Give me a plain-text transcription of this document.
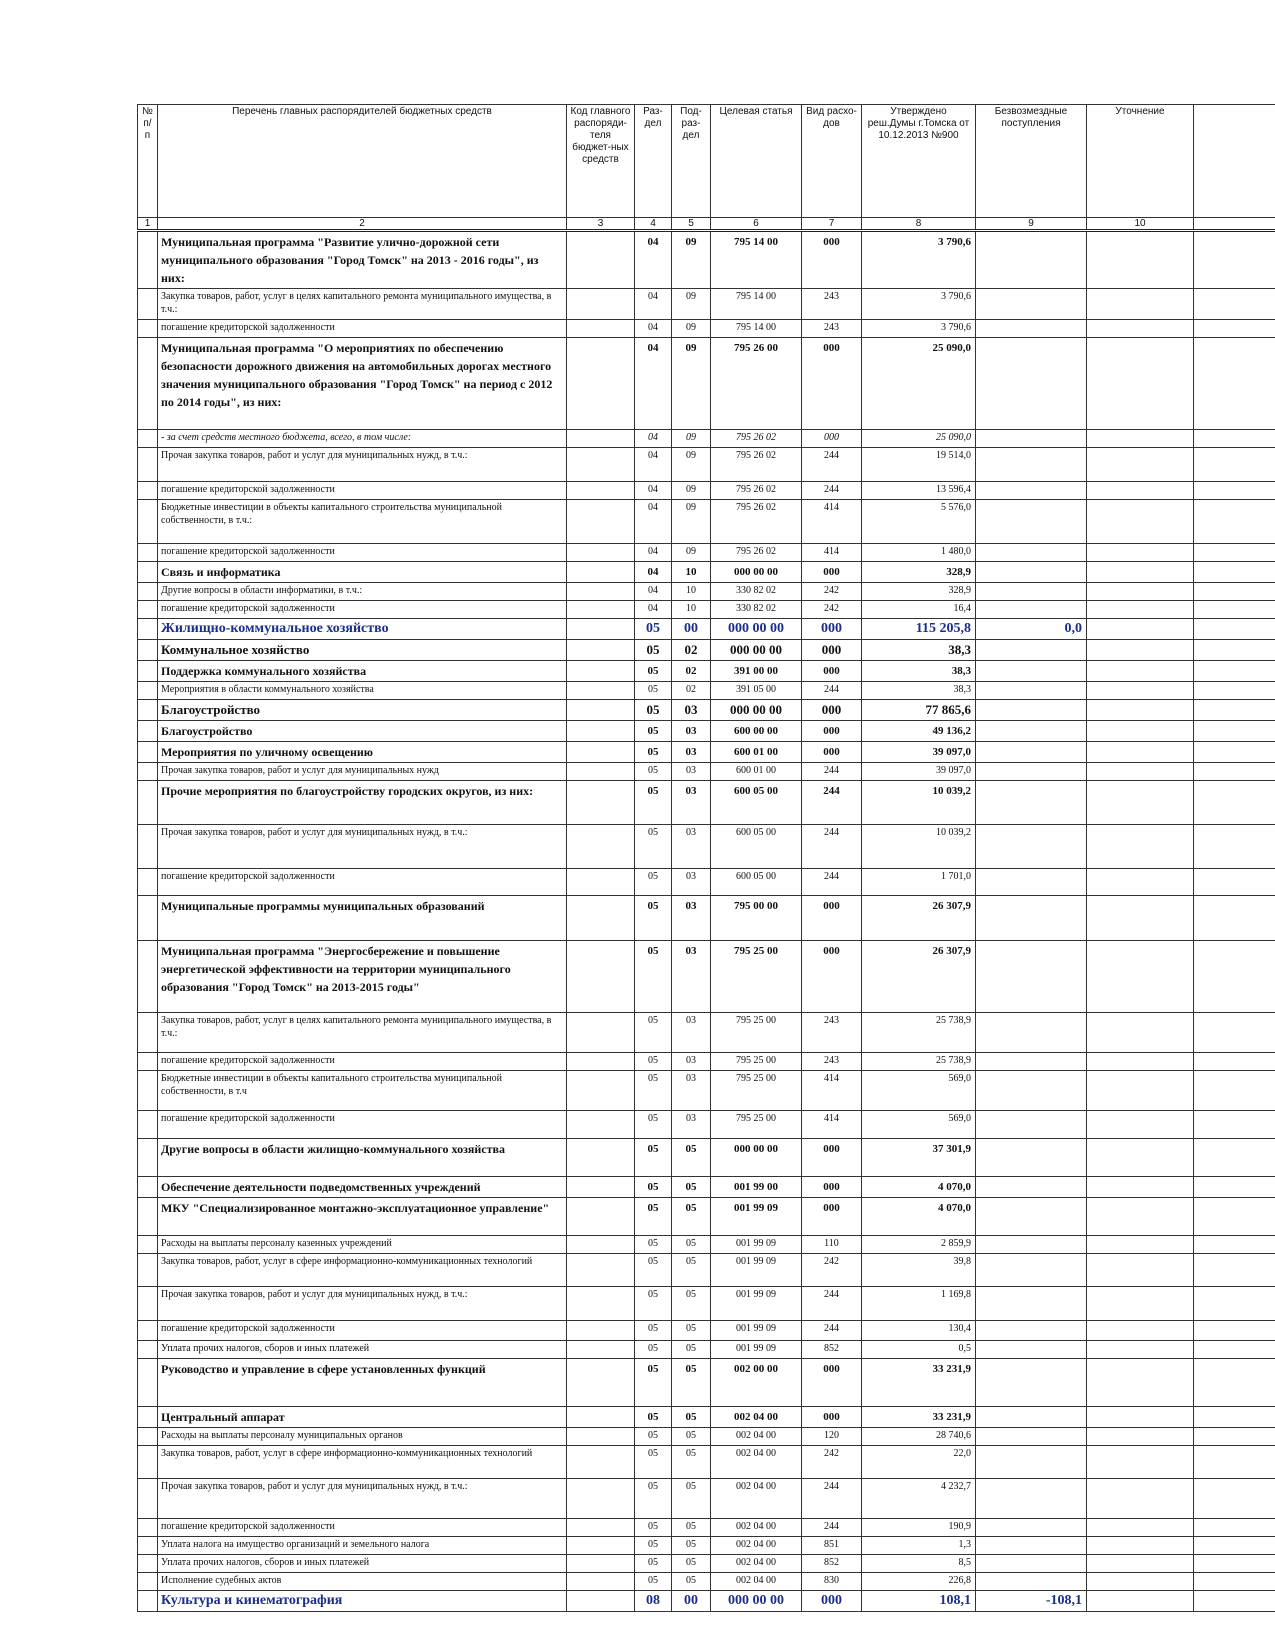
№ п/п	Перечень главных распорядителей бюджетных средств	Код главного распоряди-теля бюджет-ных средств	Раз-дел	Под-раз-дел	Целевая статья	Вид расхо-дов	Утверждено реш.Думы г.Томска от 10.12.2013 №900	Безвозмездные поступления	Уточнение	
1	2	3	4	5	6	7	8	9	10	
	Муниципальная программа "Развитие улично-дорожной сети муниципального образования "Город Томск" на 2013 - 2016 годы", из них:		04	09	795 14 00	000	3 790,6			
	Закупка товаров, работ, услуг в целях капитального ремонта муниципального имущества, в т.ч.:		04	09	795 14 00	243	3 790,6			
	погашение кредиторской задолженности		04	09	795 14 00	243	3 790,6			
	Муниципальная программа "О мероприятиях по обеспечению безопасности дорожного движения на автомобильных дорогах местного значения муниципального образования "Город Томск" на период с 2012 по 2014 годы", из них:		04	09	795 26 00	000	25 090,0			
	- за счет средств местного бюджета, всего, в том числе:		04	09	795 26 02	000	25 090,0			
	Прочая закупка товаров, работ и услуг для муниципальных нужд, в т.ч.:		04	09	795 26 02	244	19 514,0			
	погашение кредиторской задолженности		04	09	795 26 02	244	13 596,4			
	Бюджетные инвестиции в объекты капитального строительства муниципальной собственности, в т.ч.:		04	09	795 26 02	414	5 576,0			
	погашение кредиторской задолженности		04	09	795 26 02	414	1 480,0			
	Связь и информатика		04	10	000 00 00	000	328,9			
	Другие вопросы в области информатики, в т.ч.:		04	10	330 82 02	242	328,9			
	погашение кредиторской задолженности		04	10	330 82 02	242	16,4			
	Жилищно-коммунальное хозяйство		05	00	000 00 00	000	115 205,8	0,0		
	Коммунальное хозяйство		05	02	000 00 00	000	38,3			
	Поддержка коммунального хозяйства		05	02	391 00 00	000	38,3			
	Мероприятия в области коммунального хозяйства		05	02	391 05 00	244	38,3			
	Благоустройство		05	03	000 00 00	000	77 865,6			
	Благоустройство		05	03	600 00 00	000	49 136,2			
	Мероприятия по уличному освещению		05	03	600 01 00	000	39 097,0			
	Прочая закупка товаров, работ и услуг для муниципальных нужд		05	03	600 01 00	244	39 097,0			
	Прочие мероприятия по благоустройству городских округов, из них:		05	03	600 05 00	244	10 039,2			
	Прочая закупка товаров, работ и услуг для муниципальных нужд, в т.ч.:		05	03	600 05 00	244	10 039,2			
	погашение кредиторской задолженности		05	03	600 05 00	244	1 701,0			
	Муниципальные программы муниципальных образований		05	03	795 00 00	000	26 307,9			
	Муниципальная программа "Энергосбережение и повышение энергетической эффективности на территории муниципального образования "Город Томск" на 2013-2015 годы"		05	03	795 25 00	000	26 307,9			
	Закупка товаров, работ, услуг в целях капитального ремонта муниципального имущества, в т.ч.:		05	03	795 25 00	243	25 738,9			
	погашение кредиторской задолженности		05	03	795 25 00	243	25 738,9			
	Бюджетные инвестиции в объекты капитального строительства муниципальной собственности, в т.ч		05	03	795 25 00	414	569,0			
	погашение кредиторской задолженности		05	03	795 25 00	414	569,0			
	Другие вопросы в области жилищно-коммунального хозяйства		05	05	000 00 00	000	37 301,9			
	Обеспечение деятельности подведомственных учреждений		05	05	001 99 00	000	4 070,0			
	МКУ "Специализированное монтажно-эксплуатационное управление"		05	05	001 99 09	000	4 070,0			
	Расходы на выплаты персоналу казенных учреждений		05	05	001 99 09	110	2 859,9			
	Закупка товаров, работ, услуг в сфере информационно-коммуникационных технологий		05	05	001 99 09	242	39,8			
	Прочая закупка товаров, работ и услуг для муниципальных нужд, в т.ч.:		05	05	001 99 09	244	1 169,8			
	погашение кредиторской задолженности		05	05	001 99 09	244	130,4			
	Уплата прочих налогов, сборов и иных платежей		05	05	001 99 09	852	0,5			
	Руководство и управление в сфере установленных функций		05	05	002 00 00	000	33 231,9			
	Центральный аппарат		05	05	002 04 00	000	33 231,9			
	Расходы на выплаты персоналу муниципальных органов		05	05	002 04 00	120	28 740,6			
	Закупка товаров, работ, услуг в сфере информационно-коммуникационных технологий		05	05	002 04 00	242	22,0			
	Прочая закупка товаров, работ и услуг для муниципальных нужд, в т.ч.:		05	05	002 04 00	244	4 232,7			
	погашение кредиторской задолженности		05	05	002 04 00	244	190,9			
	Уплата налога на имущество организаций и земельного налога		05	05	002 04 00	851	1,3			
	Уплата прочих налогов, сборов и иных платежей		05	05	002 04 00	852	8,5			
	Исполнение судебных актов		05	05	002 04 00	830	226,8			
	Культура и кинематография		08	00	000 00 00	000	108,1	-108,1		
